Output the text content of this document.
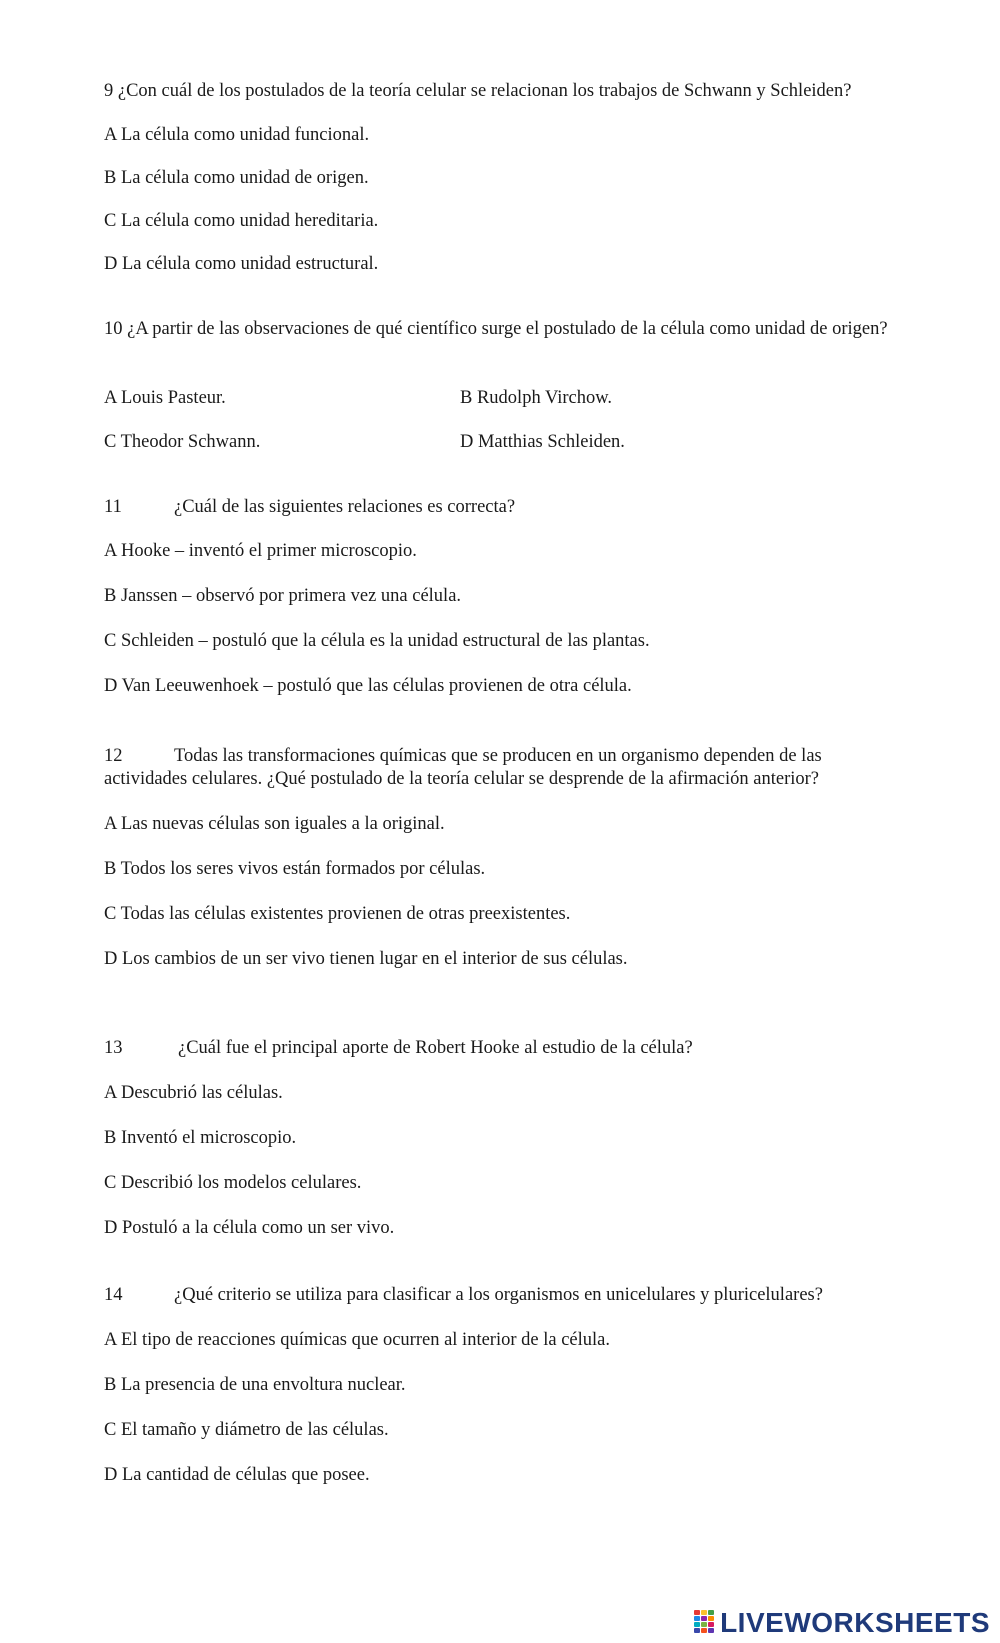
9 ¿Con cuál de los postulados de la teoría celular se relacionan los trabajos de Schwann y Schleiden?

A La célula como unidad funcional.

B La célula como unidad de origen.

C La célula como unidad hereditaria.

D La célula como unidad estructural.

10 ¿A partir de las observaciones de qué científico surge el postulado de la célula como unidad de origen?

A Louis Pasteur.	B Rudolph Virchow.

C Theodor Schwann.	D Matthias Schleiden.

11	¿Cuál de las siguientes relaciones es correcta?

A Hooke – inventó el primer microscopio.

B Janssen – observó por primera vez una célula.

C Schleiden – postuló que la célula es la unidad estructural de las plantas.

D Van Leeuwenhoek – postuló que las células provienen de otra célula.

12	Todas las transformaciones químicas que se producen en un organismo dependen de las

actividades celulares. ¿Qué postulado de la teoría celular se desprende de la afirmación anterior?

A Las nuevas células son iguales a la original.

B Todos los seres vivos están formados por células.

C Todas las células existentes provienen de otras preexistentes.

D Los cambios de un ser vivo tienen lugar en el interior de sus células.

13	¿Cuál fue el principal aporte de Robert Hooke al estudio de la célula?

A Descubrió las células.

B Inventó el microscopio.

C Describió los modelos celulares.

D Postuló a la célula como un ser vivo.

14	¿Qué criterio se utiliza para clasificar a los organismos en unicelulares y pluricelulares?

A El tipo de reacciones químicas que ocurren al interior de la célula.

B La presencia de una envoltura nuclear.

C El tamaño y diámetro de las células.

D La cantidad de células que posee.

LIVEWORKSHEETS
